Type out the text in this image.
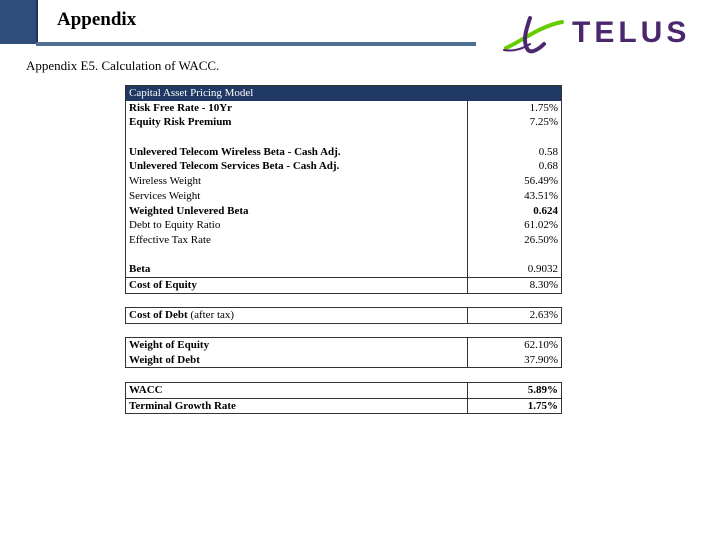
Appendix	TELUS
Appendix E5. Calculation of WACC.
Capital Asset Pricing Model
Risk Free Rate - 10Yr	1.75%
Equity Risk Premium	7.25%
Unlevered Telecom Wireless Beta - Cash Adj.	0.58
Unlevered Telecom Services Beta - Cash Adj.	0.68
Wireless Weight	56.49%
Services Weight	43.51%
Weighted Unlevered Beta	0.624
Debt to Equity Ratio	61.02%
Effective Tax Rate	26.50%
Beta	0.9032
Cost of Equity	8.30%
Cost of Debt (after tax)	2.63%
Weight of Equity	62.10%
Weight of Debt	37.90%
WACC	5.89%
Terminal Growth Rate	1.75%
